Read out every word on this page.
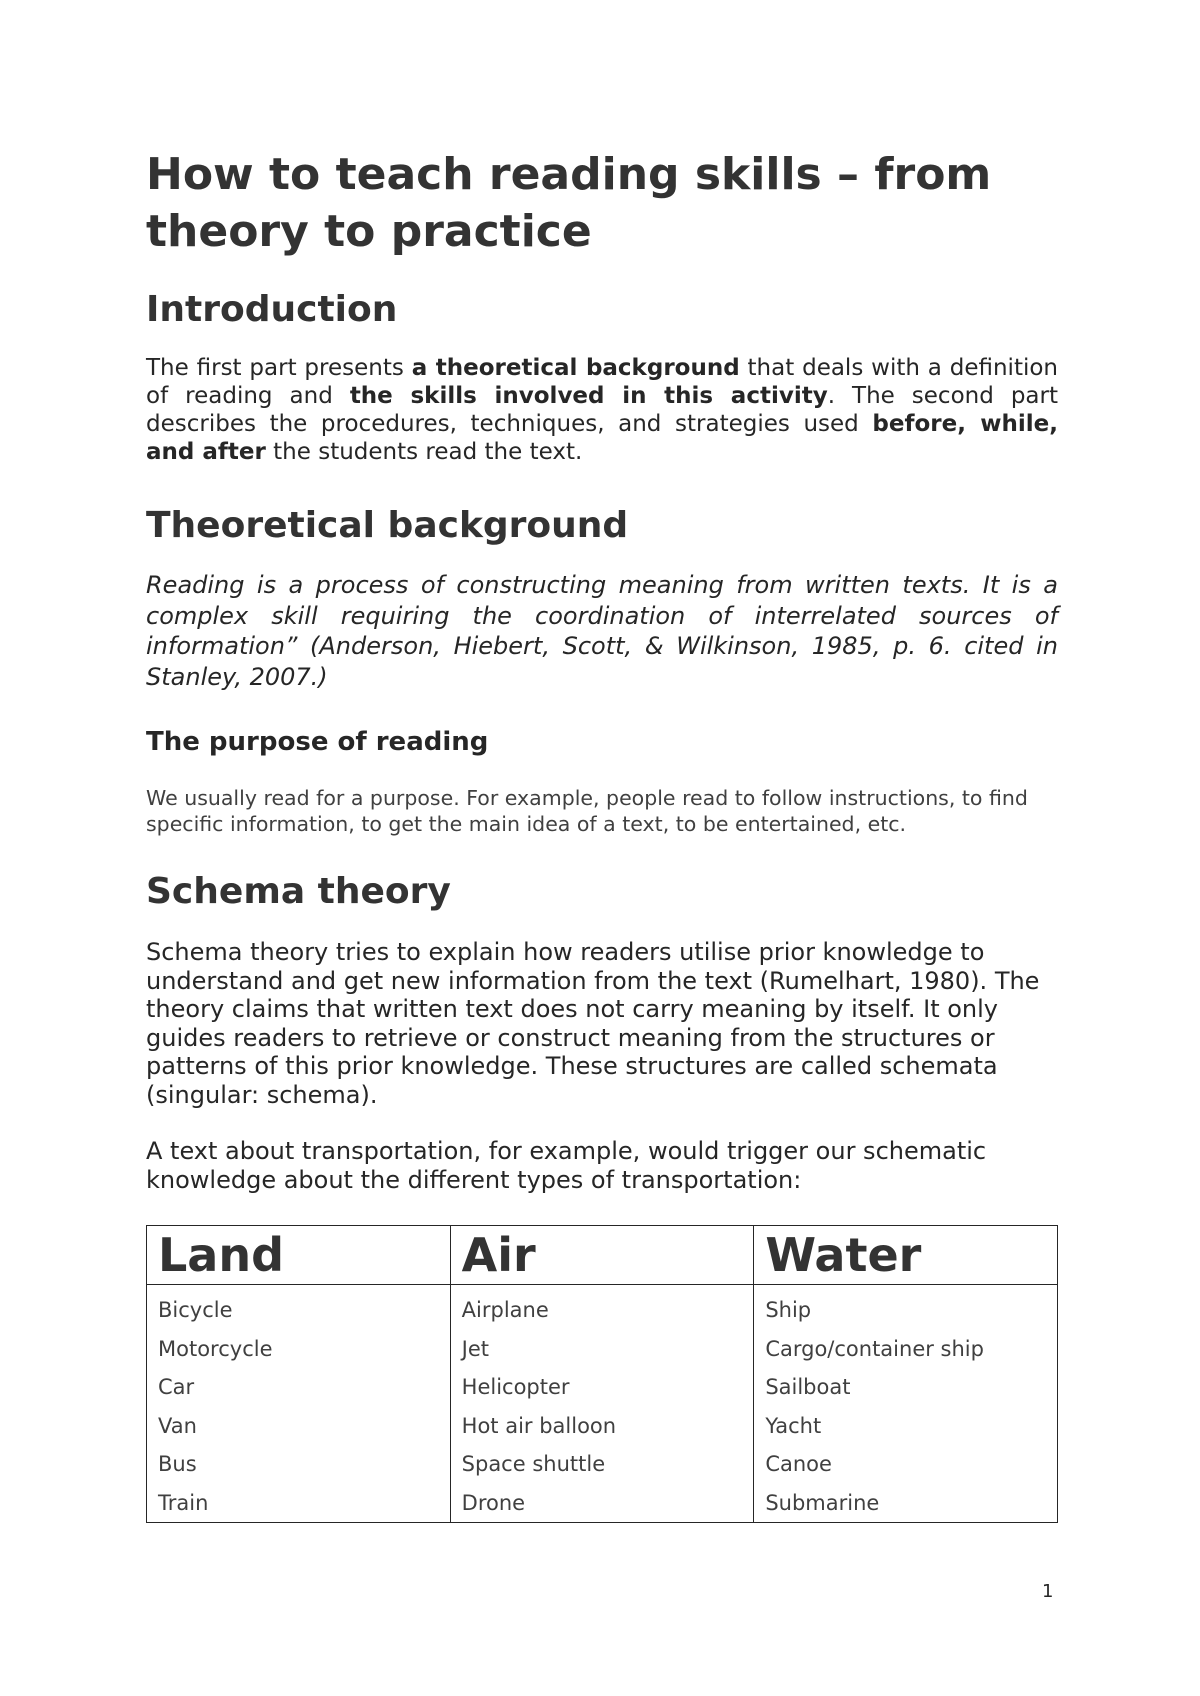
How to teach reading skills – from theory to practice
Introduction

The first part presents a theoretical background that deals with a definition of reading and the skills involved in this activity. The second part describes the procedures, techniques, and strategies used before, while, and after the students read the text.

Theoretical background

Reading is a process of constructing meaning from written texts. It is a complex skill requiring the coordination of interrelated sources of information” (Anderson, Hiebert, Scott, & Wilkinson, 1985, p. 6. cited in Stanley, 2007.)

The purpose of reading

We usually read for a purpose. For example, people read to follow instructions, to find specific information, to get the main idea of a text, to be entertained, etc.

Schema theory

Schema theory tries to explain how readers utilise prior knowledge to understand and get new information from the text (Rumelhart, 1980). The theory claims that written text does not carry meaning by itself. It only guides readers to retrieve or construct meaning from the structures or patterns of this prior knowledge. These structures are called schemata (singular: schema).

A text about transportation, for example, would trigger our schematic knowledge about the different types of transportation:

Land	Air	Water
Bicycle	Airplane	Ship
Motorcycle	Jet	Cargo/container ship
Car	Helicopter	Sailboat
Van	Hot air balloon	Yacht
Bus	Space shuttle	Canoe
Train	Drone	Submarine
1
